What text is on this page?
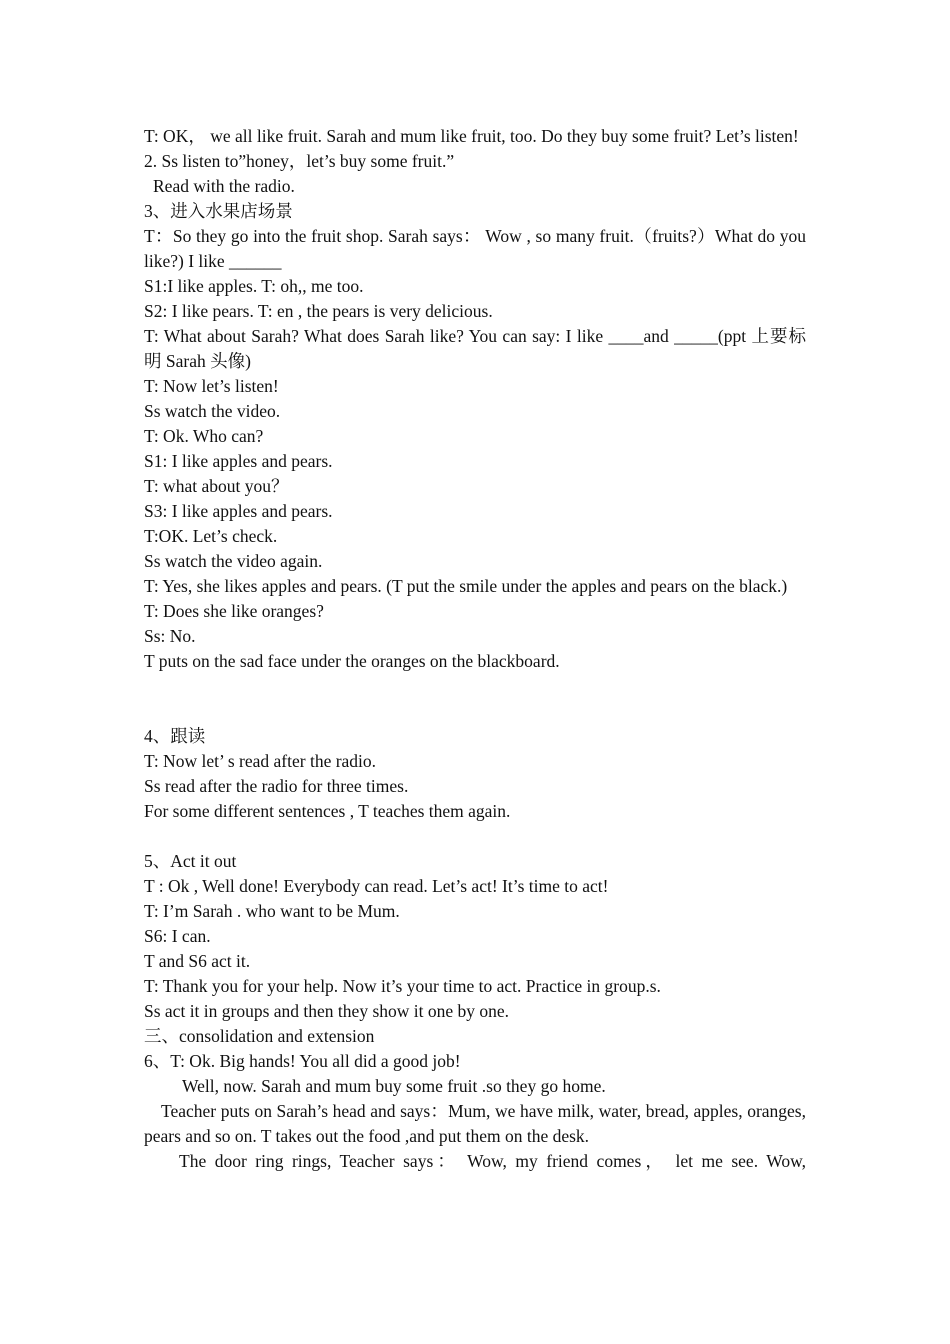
T: OK， we all like fruit. Sarah and mum like fruit, too. Do they buy some fruit? Let’s listen!

2. Ss listen to”honey，let’s buy some fruit.”

Read with the radio.

3、进入水果店场景

T：So they go into the fruit shop. Sarah says： Wow , so many fruit.（fruits?）What do you like?) I like ______

S1:I like apples. T: oh,, me too.

S2: I like pears. T: en , the pears is very delicious.

T: What about Sarah? What does Sarah like? You can say: I like ____and _____(ppt 上要标明 Sarah 头像)

T: Now let’s listen!

Ss watch the video.

T: Ok. Who can?

S1: I like apples and pears.

T: what about you？

S3: I like apples and pears.

T:OK. Let’s check.

Ss watch the video again.

T: Yes, she likes apples and pears. (T put the smile under the apples and pears on the black.)

T: Does she like oranges?

Ss: No.

T puts on the sad face under the oranges on the blackboard.

4、跟读

T: Now let’ s read after the radio.

Ss read after the radio for three times.

For some different sentences , T teaches them again.

5、Act it out

T : Ok , Well done! Everybody can read. Let’s act! It’s time to act!

T: I’m Sarah . who want to be Mum.

S6: I can.

T and S6 act it.

T: Thank you for your help. Now it’s your time to act. Practice in group.s.

Ss act it in groups and then they show it one by one.

三、consolidation and extension

6、T: Ok. Big hands! You all did a good job!

Well, now. Sarah and mum buy some fruit .so they go home.

Teacher puts on Sarah’s head and says：Mum, we have milk, water, bread, apples, oranges, pears and so on. T takes out the food ,and put them on the desk.

The door ring rings, Teacher says： Wow, my friend comes， let me see. Wow,
